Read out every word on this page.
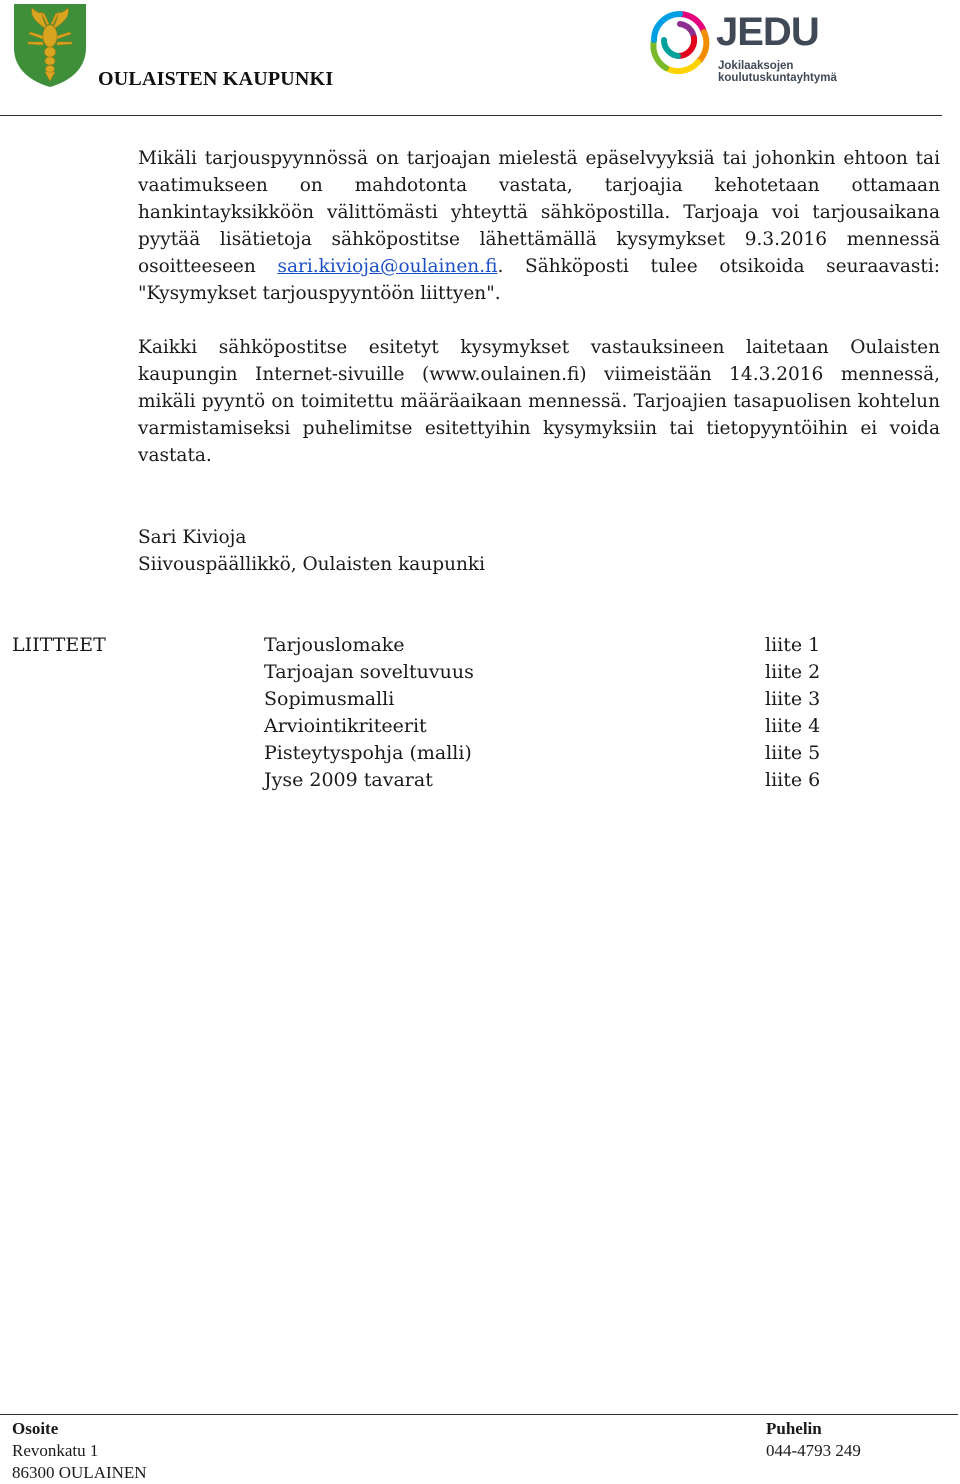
OULAISTEN KAUPUNKI
JEDU
Jokilaaksojen koulutuskuntayhtymä

Mikäli tarjouspyynnössä on tarjoajan mielestä epäselvyyksiä tai johonkin ehtoon tai vaatimukseen on mahdotonta vastata, tarjoajia kehotetaan ottamaan hankintayksikköön välittömästi yhteyttä sähköpostilla. Tarjoaja voi tarjousaikana pyytää lisätietoja sähköpostitse lähettämällä kysymykset 9.3.2016 mennessä osoitteeseen sari.kivioja@oulainen.fi. Sähköposti tulee otsikoida seuraavasti: "Kysymykset tarjouspyyntöön liittyen".

Kaikki sähköpostitse esitetyt kysymykset vastauksineen laitetaan Oulaisten kaupungin Internet-sivuille (www.oulainen.fi) viimeistään 14.3.2016 mennessä, mikäli pyyntö on toimitettu määräaikaan mennessä. Tarjoajien tasapuolisen kohtelun varmistamiseksi puhelimitse esitettyihin kysymyksiin tai tietopyyntöihin ei voida vastata.

Sari Kivioja
Siivouspäällikkö, Oulaisten kaupunki
LIITTEET	Tarjouslomake	liite 1
Tarjoajan soveltuvuus	liite 2
Sopimusmalli	liite 3
Arviointikriteerit	liite 4
Pisteytyspohja (malli)	liite 5
Jyse 2009 tavarat	liite 6
Osoite
Revonkatu 1
86300 OULAINEN
Puhelin
044-4793 249
